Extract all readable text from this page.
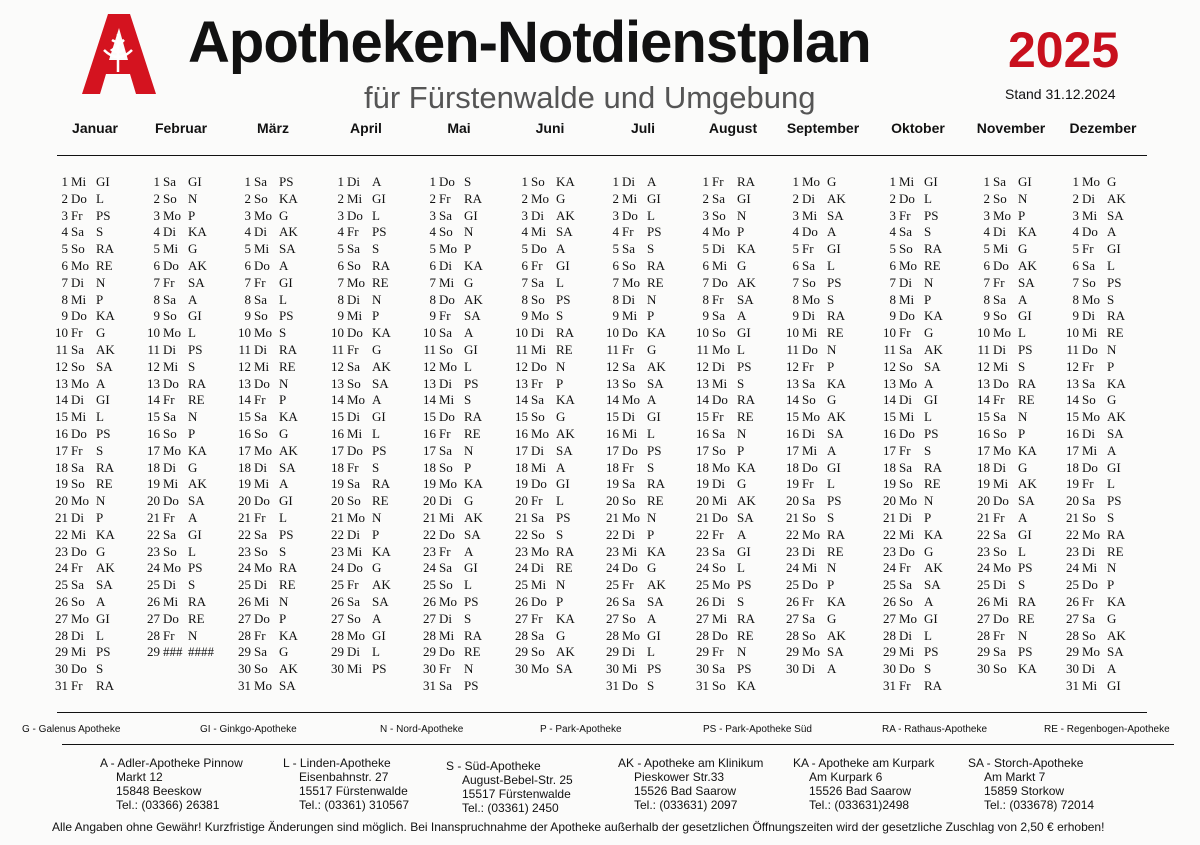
Apotheken-Notdienstplan	2025
für Fürstenwalde und Umgebung	Stand 31.12.2024
Januar	Februar	März	April	Mai	Juni	Juli	August	September	Oktober	November	Dezember
1 Mi GI
2 Do L
3 Fr	PS
4 Sa S
5 So RA
6 Mo RE
7 Di N
8 Mi P
9 Do KA
10 Fr	G
11 Sa AK
12 So SA
13 Mo A
14 Di GI
15 Mi L
16 Do PS
17 Fr	S
18 Sa RA
19 So RE
20 Mo N
21 Di P
22 Mi KA
23 Do G
24 Fr	AK
25 Sa SA
26 So A
27 Mo GI
28 Di L
29 Mi PS
30 Do S
31 Fr	RA
1 Sa GI
2 So N
3 Mo P
4 Di KA
5 Mi G
6 Do AK
7 Fr	SA
8 Sa A
9 So GI
10 Mo L
11 Di PS
12 Mi S
13 Do RA
14 Fr	RE
15 Sa N
16 So P
17 Mo KA
18 Di G
19 Mi AK
20 Do SA
21 Fr	A
22 Sa GI
23 So L
24 Mo PS
25 Di S
26 Mi RA
27 Do RE
28 Fr	N
29 ### ####
1 Sa PS
2 So KA
3 Mo G
4 Di AK
5 Mi SA
6 Do A
7 Fr	GI
8 Sa L
9 So PS
10 Mo S
11 Di RA
12 Mi RE
13 Do N
14 Fr	P
15 Sa KA
16 So G
17 Mo AK
18 Di SA
19 Mi A
20 Do GI
21 Fr	L
22 Sa PS
23 So S
24 Mo RA
25 Di RE
26 Mi N
27 Do P
28 Fr	KA
29 Sa G
30 So AK
31 Mo SA
1 Di A
2 Mi GI
3 Do L
4 Fr	PS
5 Sa S
6 So RA
7 Mo RE
8 Di N
9 Mi P
10 Do KA
11 Fr	G
12 Sa AK
13 So SA
14 Mo A
15 Di GI
16 Mi L
17 Do PS
18 Fr	S
19 Sa RA
20 So RE
21 Mo N
22 Di P
23 Mi KA
24 Do G
25 Fr	AK
26 Sa SA
27 So A
28 Mo GI
29 Di L
30 Mi PS
1 Do S
2 Fr	RA
3 Sa GI
4 So N
5 Mo P
6 Di KA
7 Mi G
8 Do AK
9 Fr	SA
10 Sa A
11 So GI
12 Mo L
13 Di PS
14 Mi S
15 Do RA
16 Fr	RE
17 Sa N
18 So P
19 Mo KA
20 Di G
21 Mi AK
22 Do SA
23 Fr	A
24 Sa GI
25 So L
26 Mo PS
27 Di S
28 Mi RA
29 Do RE
30 Fr	N
31 Sa PS
1 So KA
2 Mo G
3 Di AK
4 Mi SA
5 Do A
6 Fr	GI
7 Sa L
8 So PS
9 Mo S
10 Di RA
11 Mi RE
12 Do N
13 Fr	P
14 Sa KA
15 So G
16 Mo AK
17 Di SA
18 Mi A
19 Do GI
20 Fr	L
21 Sa PS
22 So S
23 Mo RA
24 Di RE
25 Mi N
26 Do P
27 Fr	KA
28 Sa G
29 So AK
30 Mo SA
1 Di A
2 Mi GI
3 Do L
4 Fr	PS
5 Sa S
6 So RA
7 Mo RE
8 Di N
9 Mi P
10 Do KA
11 Fr	G
12 Sa AK
13 So SA
14 Mo A
15 Di GI
16 Mi L
17 Do PS
18 Fr	S
19 Sa RA
20 So RE
21 Mo N
22 Di P
23 Mi KA
24 Do G
25 Fr	AK
26 Sa SA
27 So A
28 Mo GI
29 Di L
30 Mi PS
31 Do S
1 Fr	RA
2 Sa GI
3 So N
4 Mo P
5 Di KA
6 Mi G
7 Do AK
8 Fr	SA
9 Sa A
10 So GI
11 Mo L
12 Di PS
13 Mi S
14 Do RA
15 Fr	RE
16 Sa N
17 So P
18 Mo KA
19 Di G
20 Mi AK
21 Do SA
22 Fr	A
23 Sa GI
24 So L
25 Mo PS
26 Di S
27 Mi RA
28 Do RE
29 Fr	N
30 Sa PS
31 So KA
1 Mo G
2 Di AK
3 Mi SA
4 Do A
5 Fr	GI
6 Sa L
7 So PS
8 Mo S
9 Di RA
10 Mi RE
11 Do N
12 Fr	P
13 Sa KA
14 So G
15 Mo AK
16 Di SA
17 Mi A
18 Do GI
19 Fr	L
20 Sa PS
21 So S
22 Mo RA
23 Di RE
24 Mi N
25 Do P
26 Fr	KA
27 Sa G
28 So AK
29 Mo SA
30 Di A
1 Mi GI
2 Do L
3 Fr	PS
4 Sa S
5 So RA
6 Mo RE
7 Di N
8 Mi P
9 Do KA
10 Fr	G
11 Sa AK
12 So SA
13 Mo A
14 Di GI
15 Mi L
16 Do PS
17 Fr	S
18 Sa RA
19 So RE
20 Mo N
21 Di P
22 Mi KA
23 Do G
24 Fr	AK
25 Sa SA
26 So A
27 Mo GI
28 Di L
29 Mi PS
30 Do S
31 Fr	RA
1 Sa GI
2 So N
3 Mo P
4 Di KA
5 Mi G
6 Do AK
7 Fr	SA
8 Sa A
9 So GI
10 Mo L
11 Di PS
12 Mi S
13 Do RA
14 Fr	RE
15 Sa N
16 So P
17 Mo KA
18 Di G
19 Mi AK
20 Do SA
21 Fr	A
22 Sa GI
23 So L
24 Mo PS
25 Di S
26 Mi RA
27 Do RE
28 Fr	N
29 Sa PS
30 So KA
1 Mo G
2 Di AK
3 Mi SA
4 Do A
5 Fr	GI
6 Sa L
7 So PS
8 Mo S
9 Di RA
10 Mi RE
11 Do N
12 Fr	P
13 Sa KA
14 So G
15 Mo AK
16 Di SA
17 Mi A
18 Do GI
19 Fr	L
20 Sa PS
21 So S
22 Mo RA
23 Di RE
24 Mi N
25 Do P
26 Fr	KA
27 Sa G
28 So AK
29 Mo SA
30 Di A
31 Mi GI
G - Galenus Apotheke	GI - Ginkgo-Apotheke	N - Nord-Apotheke	P - Park-Apotheke	PS - Park-Apotheke Süd	RA - Rathaus-Apotheke	RE - Regenbogen-Apotheke
A - Adler-Apotheke Pinnow
Markt 12
15848 Beeskow
Tel.: (03366) 26381
L - Linden-Apotheke
Eisenbahnstr. 27
15517 Fürstenwalde
Tel.: (03361) 310567
S - Süd-Apotheke
August-Bebel-Str. 25
15517 Fürstenwalde
Tel.: (03361) 2450
AK - Apotheke am Klinikum
Pieskower Str.33
15526 Bad Saarow
Tel.: (033631) 2097
KA - Apotheke am Kurpark
Am Kurpark 6
15526 Bad Saarow
Tel.: (033631)2498
SA - Storch-Apotheke
Am Markt 7
15859 Storkow
Tel.: (033678) 72014
Alle Angaben ohne Gewähr! Kurzfristige Änderungen sind möglich. Bei Inanspruchnahme der Apotheke außerhalb der gesetzlichen Öffnungszeiten wird der gesetzliche Zuschlag von 2,50 € erhoben!
